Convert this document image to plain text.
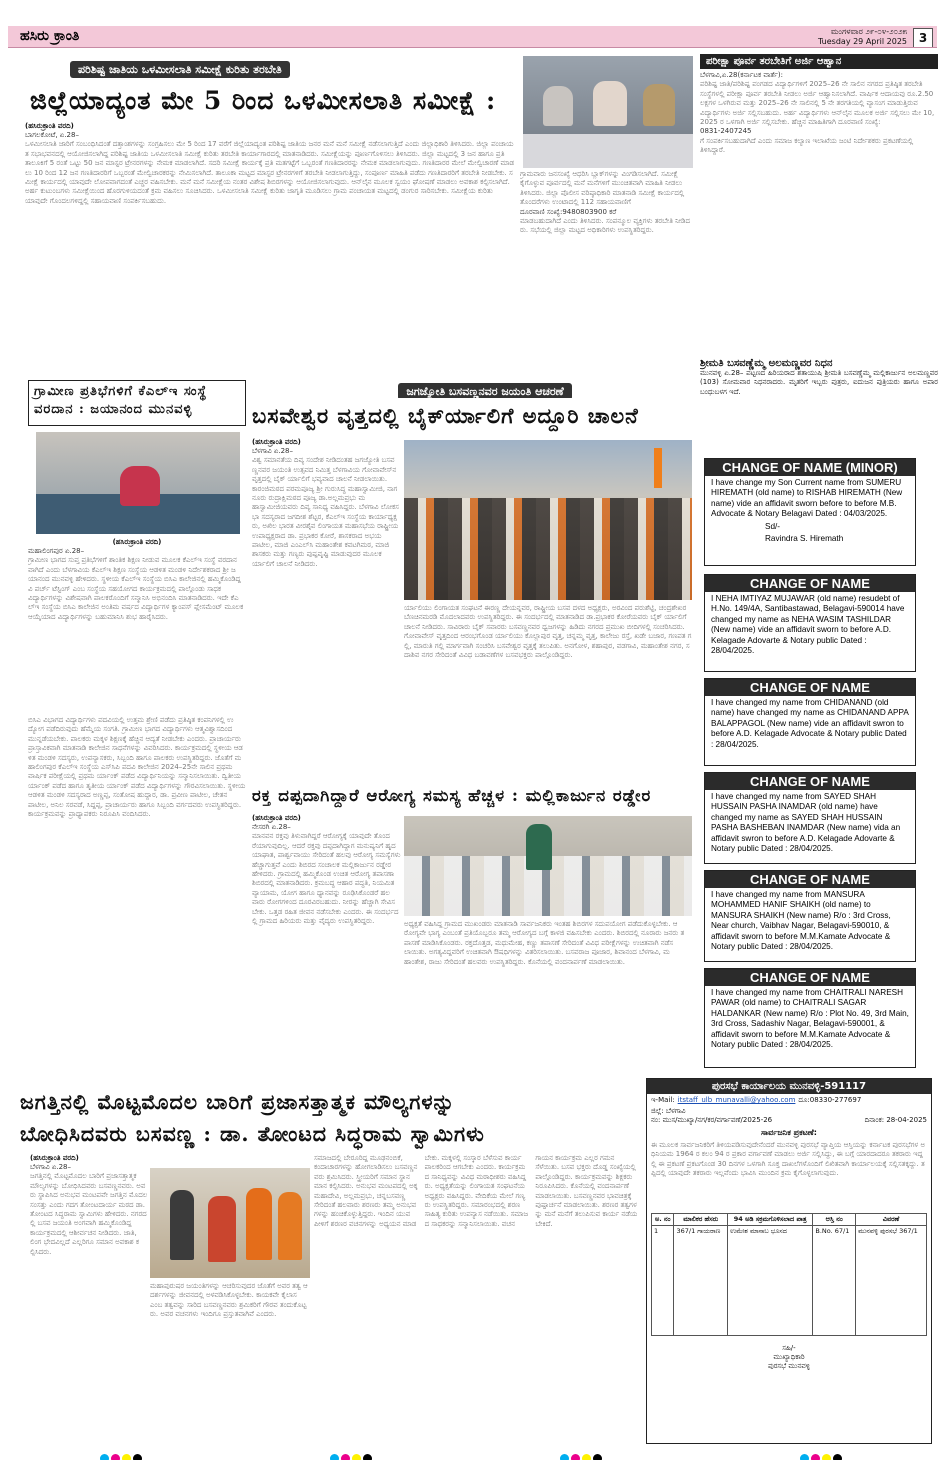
ಹಸಿರು ಕ್ರಾಂತಿ	ಮಂಗಳವಾರ ೨೯-೦೪-೨೦೨೫
Tuesday 29 April 2025 3
ಪರಿಶಿಷ್ಟ ಜಾತಿಯ ಒಳಮೀಸಲಾತಿ ಸಮೀಕ್ಷೆ ಕುರಿತು ತರಬೇತಿ
ಜಿಲ್ಲೆಯಾದ್ಯಂತ ಮೇ 5 ರಿಂದ ಒಳಮೀಸಲಾತಿ ಸಮೀಕ್ಷೆ :
(ಹಸಿರುಕ್ರಾಂತಿ ವರದಿ)
ಬಾಗಲಕೋಟೆ, ಏ.28–
ಒಳಮೀಸಲಾತಿ ಜಾರಿಗೆ ಸಂಬಂಧಿಸಿದಂತೆ ದತ್ತಾಂಶಗಳನ್ನು ಸಂಗ್ರಹಿಸಲು ಮೇ 5 ರಿಂದ 17 ವರೆಗೆ ಜಿಲ್ಲೆಯಾದ್ಯಂತ ಪರಿಶಿಷ್ಟ ಜಾತಿಯ ಜನರ ಮನೆ ಮನೆ ಸಮೀಕ್ಷೆ ನಡೆಸಲಾಗುತ್ತಿದೆ ಎಂದು ಜಿಲ್ಲಾಧಿಕಾರಿ ತಿಳಿಸಿದರು. ಜಿಲ್ಲಾ ಪಂಚಾಯತ ಸಭಾಭವನದಲ್ಲಿ ಆಯೋಜಿಸಲಾಗಿದ್ದ ಪರಿಶಿಷ್ಟ ಜಾತಿಯ ಒಳಮೀಸಲಾತಿ ಸಮೀಕ್ಷೆ ಕುರಿತು ತರಬೇತಿ ಕಾರ್ಯಾಗಾರದಲ್ಲಿ ಮಾತನಾಡಿದರು. ಸಮೀಕ್ಷೆಯನ್ನು ಪೂರ್ಣಗೊಳಿಸಲು ತಿಳಿಸಿದರು. ಜಿಲ್ಲಾ ಮಟ್ಟದಲ್ಲಿ 3 ಜನ ಹಾಗೂ ಪ್ರತಿ ತಾಲೂಕಿಗೆ 5 ರಂತೆ ಒಟ್ಟು 50 ಜನ ಮಾಸ್ಟರ ಟ್ರೇನರಗಳನ್ನು ನೇಮಕ ಮಾಡಲಾಗಿದೆ. ಸದರಿ ಸಮೀಕ್ಷೆ ಕಾರ್ಯಕ್ಕೆ ಪ್ರತಿ ಮತಗಟ್ಟೆಗೆ ಒಬ್ಬರಂತೆ ಗಣತಿದಾರರನ್ನು ನೇಮಕ ಮಾಡಲಾಗುವುದು. ಗಣತಿದಾರರ ಮೇಲೆ ಮೇಲ್ವಿಚಾರಣೆ ಮಾಡಲು 10 ರಿಂದ 12 ಜನ ಗಣತಿದಾರರಿಗೆ ಒಬ್ಬರಂತೆ ಮೇಲ್ವಿಚಾರಕರನ್ನು ನೇಮಿಸಲಾಗಿದೆ. ತಾಲೂಕಾ ಮಟ್ಟದ ಮಾಸ್ಟರ ಟ್ರೇನರಗಳಿಗೆ ತರಬೇತಿ ನೀಡಲಾಗುತ್ತಿದ್ದು, ಸಂಪೂರ್ಣ ಮಾಹಿತಿ ಪಡೆದು ಗಣತಿದಾರರಿಗೆ ತರಬೇತಿ ನೀಡಬೇಕು. ಸಮೀಕ್ಷೆ ಕಾರ್ಯದಲ್ಲಿ ಯಾವುದೇ ಲೋಪವಾಗದಂತೆ ಎಚ್ಚರ ವಹಿಸಬೇಕು. ಮನೆ ಮನೆ ಸಮೀಕ್ಷೆಯ ನಂತರ ವಿಶೇಷ ಶಿಬಿರಗಳನ್ನು ಆಯೋಜಿಸಲಾಗುವುದು. ಆನ್‌ಲೈನ ಮೂಲಕ ಸ್ವಯಂ ಘೋಷಣೆ ಮಾಡಲು ಅವಕಾಶ ಕಲ್ಪಿಸಲಾಗಿದೆ. ಅರ್ಹ ಕುಟುಂಬಗಳು ಸಮೀಕ್ಷೆಯಿಂದ ಹೊರಗುಳಿಯದಂತೆ ಕ್ರಮ ವಹಿಸಲು ಸೂಚಿಸಿದರು. ಒಳಮೀಸಲಾತಿ ಸಮೀಕ್ಷೆ ಕುರಿತು ಜಾಗೃತಿ ಮೂಡಿಸಲು ಗ್ರಾಮ ಪಂಚಾಯತ ಮಟ್ಟದಲ್ಲಿ ಡಂಗುರ ಸಾರಿಸಬೇಕು. ಸಮೀಕ್ಷೆಯ ಕುರಿತು ಯಾವುದೇ ಗೊಂದಲಗಳಿದ್ದಲ್ಲಿ ಸಹಾಯವಾಣಿ ಸಂಪರ್ಕಿಸಬಹುದು.
ಗ್ರಾಮವಾರು ಜನಸಂಖ್ಯೆ ಆಧರಿಸಿ ಬ್ಲಾಕ್‌ಗಳನ್ನು ವಿಂಗಡಿಸಲಾಗಿದೆ. ಸಮೀಕ್ಷೆ ಕೈಗೊಳ್ಳುವ ಪೂರ್ವದಲ್ಲಿ ಮನೆ ಮನೆಗಳಿಗೆ ಮುಂಚಿತವಾಗಿ ಮಾಹಿತಿ ನೀಡಲು ತಿಳಿಸಿದರು. ಜಿಲ್ಲಾ ಪೊಲೀಸ ವರಿಷ್ಠಾಧಿಕಾರಿ ಮಾತನಾಡಿ ಸಮೀಕ್ಷೆ ಕಾರ್ಯದಲ್ಲಿ ತೊಂದರೆಗಳು ಉಂಟಾದಲ್ಲಿ 112 ಸಹಾಯವಾಣಿಗೆ
ದೂರವಾಣಿ ಸಂಖ್ಯೆ:9480803900 ಕರೆ
ಮಾಡಬಹುದಾಗಿದೆ ಎಂದು ತಿಳಿಸಿದರು. ಸಂಪನ್ಮೂಲ ವ್ಯಕ್ತಿಗಳು ತರಬೇತಿ ನೀಡಿದರು. ಸಭೆಯಲ್ಲಿ ಜಿಲ್ಲಾ ಮಟ್ಟದ ಅಧಿಕಾರಿಗಳು ಉಪಸ್ಥಿತರಿದ್ದರು.
ಪರೀಕ್ಷಾ ಪೂರ್ವ ತರಬೇತಿಗೆ ಅರ್ಜಿ ಆಹ್ವಾನ
ಬೆಳಗಾವಿ,ಏ.28(ಕರ್ನಾಟಕ ವಾರ್ತೆ):
ಪರಿಶಿಷ್ಟ ಜಾತಿ/ಪರಿಶಿಷ್ಟ ಪಂಗಡದ ವಿದ್ಯಾರ್ಥಿಗಳಿಗೆ 2025–26 ನೇ ಸಾಲಿನ ನಗರದ ಪ್ರತಿಷ್ಠಿತ ತರಬೇತಿ ಸಂಸ್ಥೆಗಳಲ್ಲಿ ಪರೀಕ್ಷಾ ಪೂರ್ವ ತರಬೇತಿ ನೀಡಲು ಅರ್ಜಿ ಆಹ್ವಾನಿಸಲಾಗಿದೆ. ವಾರ್ಷಿಕ ಆದಾಯವು ರೂ.2.50 ಲಕ್ಷಗಳ ಒಳಗಿರುವ ಮತ್ತು 2025–26 ನೇ ಸಾಲಿನಲ್ಲಿ 5 ನೇ ತರಗತಿಯಲ್ಲಿ ವ್ಯಾಸಂಗ ಮಾಡುತ್ತಿರುವ ವಿದ್ಯಾರ್ಥಿಗಳು ಅರ್ಜಿ ಸಲ್ಲಿಸಬಹುದು. ಅರ್ಹ ವಿದ್ಯಾರ್ಥಿಗಳು ಆನ್‌ಲೈನ ಮೂಲಕ ಅರ್ಜಿ ಸಲ್ಲಿಸಲು ಮೇ 10, 2025 ರ ಒಳಗಾಗಿ ಅರ್ಜಿ ಸಲ್ಲಿಸಬೇಕು. ಹೆಚ್ಚಿನ ಮಾಹಿತಿಗಾಗಿ ದೂರವಾಣಿ ಸಂಖ್ಯೆ:
0831-2407245
ಗೆ ಸಂಪರ್ಕಿಸಬಹುದಾಗಿದೆ ಎಂದು ಸಮಾಜ ಕಲ್ಯಾಣ ಇಲಾಖೆಯ ಜಂಟಿ ನಿರ್ದೇಶಕರು ಪ್ರಕಟಣೆಯಲ್ಲಿ ತಿಳಿಸಿದ್ದಾರೆ.
ಶ್ರೀಮತಿ ಬಸವಣ್ಣೆಮ್ಮ ಅಲಮಣ್ಣವರ ನಿಧನ
ಮುನವಳ್ಳಿ ಏ.28– ಪಟ್ಟಣದ ಹಿರಿಯರಾದ ಶತಾಯುಷಿ ಶ್ರೀಮತಿ ಬಸವಣ್ಣೆಮ್ಮ ಮಲ್ಲಿಕಾರ್ಜುನ ಅಲಮಣ್ಣವರ (103) ಸೋಮವಾರ ನಿಧನರಾದರು. ಮೃತರಿಗೆ ಇಬ್ಬರು ಪುತ್ರರು, ಐದುಜನ ಪುತ್ರಿಯರು ಹಾಗೂ ಅಪಾರ ಬಂಧುಬಳಗ ಇದೆ.
ಗ್ರಾಮೀಣ ಪ್ರತಿಭೆಗಳಿಗೆ ಕೆಎಲ್ಇ ಸಂಸ್ಥೆ
ವರದಾನ : ಜಯಾನಂದ ಮುನವಳ್ಳಿ
(ಹಸಿರುಕ್ರಾಂತಿ ವರದಿ)
ಮಹಾಲಿಂಗಪುರ ಏ.28–
ಗ್ರಾಮೀಣ ಭಾಗದ ಸುಪ್ತ ಪ್ರತಿಭೆಗಳಿಗೆ ಶಾಂತಿಕ ಶಿಕ್ಷಣ ನೀಡುವ ಮೂಲಕ ಕೆಎಲ್ಇ ಸಂಸ್ಥೆ ವರದಾನವಾಗಿದೆ ಎಂದು ಬೆಳಗಾವಿಯ ಕೆಎಲ್ಇ ಶಿಕ್ಷಣ ಸಂಸ್ಥೆಯ ಆಡಳಿತ ಮಂಡಳಿ ನಿರ್ದೇಶಕರಾದ ಶ್ರೀ ಜಯಾನಂದ ಮುನವಳ್ಳಿ ಹೇಳಿದರು. ಸ್ಥಳೀಯ ಕೆಎಲ್ಇ ಸಂಸ್ಥೆಯ ಬಿಸಿಎ ಕಾಲೇಜಿನಲ್ಲಿ ಹಮ್ಮಿಕೊಂಡಿದ್ದ ವಿ ಪರ್ಚ್ ಟೆಸ್ಟಿಂಗ್ ಎಂಬ ಸಂಸ್ಥೆಯ ಸಹಯೋಗದ ಕಾರ್ಯಕ್ರಮದಲ್ಲಿ ಪಾಲ್ಗೊಂಡು ಸಾಧಕ ವಿದ್ಯಾರ್ಥಿಗಳನ್ನು ವಿಶೇಷವಾಗಿ ಪಾಲಕರೊಂದಿಗೆ ಸನ್ಮಾನಿಸಿ ಅಭಿನಂದಿಸಿ ಮಾತನಾಡಿದರು. ಇದೇ ಕೆಎಲ್ಇ ಸಂಸ್ಥೆಯ ಬಿಸಿಎ ಕಾಲೇಜಿನ ಅಂತಿಮ ವರ್ಷದ ವಿದ್ಯಾರ್ಥಿಗಳ ಕ್ಯಾಂಪಸ್ ಪ್ಲೇಸಮೆಂಟ್ ಮೂಲಕ ಆಯ್ಕೆಯಾದ ವಿದ್ಯಾರ್ಥಿಗಳನ್ನು ಬಹುಮಾನಿಸಿ ಶುಭ ಹಾರೈಸಿದರು.
ಬಿಸಿಎ ವಿಭಾಗದ ವಿದ್ಯಾರ್ಥಿಗಳು ಪದವಿಯಲ್ಲಿ ಉತ್ತಮ ಶ್ರೇಣಿ ಪಡೆದು ಪ್ರತಿಷ್ಠಿತ ಕಂಪನಿಗಳಲ್ಲಿ ಉದ್ಯೋಗ ಪಡೆದಿರುವುದು ಹೆಮ್ಮೆಯ ಸಂಗತಿ. ಗ್ರಾಮೀಣ ಭಾಗದ ವಿದ್ಯಾರ್ಥಿಗಳು ಆತ್ಮವಿಶ್ವಾಸದಿಂದ ಮುನ್ನಡೆಯಬೇಕು. ಪಾಲಕರು ಮಕ್ಕಳ ಶಿಕ್ಷಣಕ್ಕೆ ಹೆಚ್ಚಿನ ಆದ್ಯತೆ ನೀಡಬೇಕು ಎಂದರು. ಪ್ರಾಚಾರ್ಯರು ಪ್ರಾಸ್ತಾವಿಕವಾಗಿ ಮಾತನಾಡಿ ಕಾಲೇಜಿನ ಸಾಧನೆಗಳನ್ನು ವಿವರಿಸಿದರು. ಕಾರ್ಯಕ್ರಮದಲ್ಲಿ ಸ್ಥಳೀಯ ಆಡಳಿತ ಮಂಡಳಿ ಸದಸ್ಯರು, ಉಪನ್ಯಾಸಕರು, ಸಿಬ್ಬಂದಿ ಹಾಗೂ ಪಾಲಕರು ಉಪಸ್ಥಿತರಿದ್ದರು. ಜೊತೆಗೆ ಮಹಾಲಿಂಗಪುರ ಕೆಎಲ್ಇ ಸಂಸ್ಥೆಯ ಎಸ್‌ಸಿಪಿ ಪದವಿ ಕಾಲೇಜಿನ 2024–25ನೇ ಸಾಲಿನ ಪ್ರಥಮ ವಾರ್ಷಿಕ ಪರೀಕ್ಷೆಯಲ್ಲಿ ಪ್ರಥಮ ರ್ಯಾಂಕ್ ಪಡೆದ ವಿದ್ಯಾರ್ಥಿನಿಯನ್ನು ಸನ್ಮಾನಿಸಲಾಯಿತು. ದ್ವಿತೀಯ ರ್ಯಾಂಕ್ ಪಡೆದ ಹಾಗೂ ತೃತೀಯ ರ್ಯಾಂಕ್ ಪಡೆದ ವಿದ್ಯಾರ್ಥಿಗಳನ್ನು ಗೌರವಿಸಲಾಯಿತು. ಸ್ಥಳೀಯ ಆಡಳಿತ ಮಂಡಳಿ ಸದಸ್ಯರಾದ ಅಣ್ಣಪ್ಪ, ಸಂತೋಷ ಹುದ್ದಾರ, ಡಾ. ಪ್ರವೀಣ ಪಾಟೀಲ, ಚೇತನ ಪಾಟೀಲ, ಅನಿಲ ಸರವಡೆ, ಸಿದ್ದಪ್ಪ, ಪ್ರಾಚಾರ್ಯರು ಹಾಗೂ ಸಿಬ್ಬಂದಿ ವರ್ಗದವರು ಉಪಸ್ಥಿತರಿದ್ದರು. ಕಾರ್ಯಕ್ರಮವನ್ನು ಪ್ರಾಧ್ಯಾಪಕರು ನಿರೂಪಿಸಿ ವಂದಿಸಿದರು.
ಜಗಜ್ಯೋತಿ ಬಸವಣ್ಣನವರ ಜಯಂತಿ ಆಚರಣೆ
ಬಸವೇಶ್ವರ ವೃತ್ತದಲ್ಲಿ ಬೈಕ್‌ರ್ಯಾಲಿಗೆ ಅದ್ದೂರಿ ಚಾಲನೆ
(ಹಸಿರುಕ್ರಾಂತಿ ವರದಿ)
ಬೆಳಗಾವಿ ಏ.28–
ವಿಶ್ವ ಸಮಾನತೆಯ ದಿವ್ಯ ಸಂದೇಶ ನೀಡಿದಂತಹ ಜಗಜ್ಯೋತಿ ಬಸವಣ್ಣನವರ ಜಯಂತಿ ಉತ್ಸವದ ನಿಮಿತ್ತ ಬೆಳಗಾವಿಯ ಗೋವಾವೇಸ್‌ನ ವೃತ್ತದಲ್ಲಿ ಬೈಕ್ ರ್ಯಾಲಿಗೆ ಭವ್ಯವಾದ ಚಾಲನೆ ನೀಡಲಾಯಿತು. ಕಾರಂಜಿಮಠದ ಪರಮಪೂಜ್ಯ ಶ್ರೀ ಗುರುಸಿದ್ಧ ಮಹಾಸ್ವಾಮೀಜಿ, ನಾಗನೂರು ರುದ್ರಾಕ್ಷಿಮಠದ ಪೂಜ್ಯ ಡಾ.ಅಲ್ಲಮಪ್ರಭು ಮಹಾಸ್ವಾಮೀಜಿಯವರು ದಿವ್ಯ ಸಾನಿಧ್ಯ ವಹಿಸಿದ್ದರು. ಬೆಳಗಾವಿ ಲೋಕಸಭಾ ಸದಸ್ಯರಾದ ಜಗದೀಶ ಶೆಟ್ಟರ, ಕೆಎಲ್ಇ ಸಂಸ್ಥೆಯ ಕಾರ್ಯಾಧ್ಯಕ್ಷರು, ಅಖಿಲ ಭಾರತ ವೀರಶೈವ ಲಿಂಗಾಯತ ಮಹಾಸಭೆಯ ರಾಷ್ಟ್ರೀಯ ಉಪಾಧ್ಯಕ್ಷರಾದ ಡಾ. ಪ್ರಭಾಕರ ಕೋರೆ, ಶಾಸಕರಾದ ಅಭಯ ಪಾಟೀಲ, ಮಾಜಿ ಎಂಎಲ್‌ಸಿ ಮಹಾಂತೇಶ ಕವಟಗಿಮಠ, ಮಾಜಿ ಶಾಸಕರು ಮತ್ತು ಗಣ್ಯರು ಪುಷ್ಪವೃಷ್ಟಿ ಮಾಡುವುದರ ಮೂಲಕ ರ್ಯಾಲಿಗೆ ಚಾಲನೆ ನೀಡಿದರು.
ರ್ಯಾಲಿಯು ಲಿಂಗಾಯತ ಸಂಘಟನೆ ಈರಣ್ಣ ದೇಯನ್ನವರ, ರಾಷ್ಟ್ರೀಯ ಬಸವ ದಳದ ಅಧ್ಯಕ್ಷರು, ಅರವಿಂದ ಪರುಶೆಟ್ಟಿ, ಚಂದ್ರಶೇಖರ ಬೆಣಚಿನಮರಡಿ ಮೊದಲಾದವರು ಉಪಸ್ಥಿತರಿದ್ದರು. ಈ ಸಂದರ್ಭದಲ್ಲಿ ಮಾತನಾಡಿದ ಡಾ.ಪ್ರಭಾಕರ ಕೋರೆಯವರು ಬೈಕ್ ರ್ಯಾಲಿಗೆ ಚಾಲನೆ ನೀಡಿದರು. ಸಾವಿರಾರು ಬೈಕ್ ಸವಾರರು ಬಸವಣ್ಣನವರ ಧ್ವಜಗಳನ್ನು ಹಿಡಿದು ನಗರದ ಪ್ರಮುಖ ಬೀದಿಗಳಲ್ಲಿ ಸಂಚರಿಸಿದರು. ಗೋವಾವೇಸ್ ವೃತ್ತದಿಂದ ಆರಂಭಗೊಂಡ ರ್ಯಾಲಿಯು ಕೊಲ್ಲಾಪುರ ವೃತ್ತ, ಚನ್ನಮ್ಮ ವೃತ್ತ, ಕಾಲೇಜು ರಸ್ತೆ, ಖಡೇ ಬಜಾರ, ಗಣಪತ ಗಲ್ಲಿ, ಮಾರುತಿ ಗಲ್ಲಿ ಮಾರ್ಗವಾಗಿ ಸಂಚರಿಸಿ ಬಸವೇಶ್ವರ ವೃತ್ತಕ್ಕೆ ತಲುಪಿತು. ಅನಗೋಳ, ಶಹಾಪುರ, ವಡಗಾವಿ, ಮಹಾಂತೇಶ ನಗರ, ಸದಾಶಿವ ನಗರ ಸೇರಿದಂತೆ ವಿವಿಧ ಬಡಾವಣೆಗಳ ಬಸವಭಕ್ತರು ಪಾಲ್ಗೊಂಡಿದ್ದರು.
ರಕ್ತ ದಪ್ಪದಾಗಿದ್ದಾರೆ ಆರೋಗ್ಯ ಸಮಸ್ಯ ಹೆಚ್ಚಳ : ಮಲ್ಲಿಕಾರ್ಜುನ ರಡ್ಡೇರ
(ಹಸಿರುಕ್ರಾಂತಿ ವರದಿ)
ನೇಸರಗಿ ಏ.28–
ಮಾನವನ ರಕ್ತವು ತಿಳುವಾಗಿದ್ದರೆ ಆರೋಗ್ಯಕ್ಕೆ ಯಾವುದೇ ತೊಂದರೆಯಾಗುವುದಿಲ್ಲ. ಆದರೆ ರಕ್ತವು ದಪ್ಪದಾಗಿದ್ದಾಗ ಮನುಷ್ಯನಿಗೆ ಹೃದಯಾಘಾತ, ಪಾರ್ಶ್ವವಾಯು ಸೇರಿದಂತೆ ಹಲವು ಆರೋಗ್ಯ ಸಮಸ್ಯೆಗಳು ಹೆಚ್ಚಾಗುತ್ತವೆ ಎಂದು ಶಿಬಿರದ ಸಂಚಾಲಕ ಮಲ್ಲಿಕಾರ್ಜುನ ರಡ್ಡೇರ ಹೇಳಿದರು. ಗ್ರಾಮದಲ್ಲಿ ಹಮ್ಮಿಕೊಂಡ ಉಚಿತ ಆರೋಗ್ಯ ತಪಾಸಣಾ ಶಿಬಿರದಲ್ಲಿ ಮಾತನಾಡಿದರು. ಕ್ರಮಬದ್ಧ ಆಹಾರ ಪದ್ಧತಿ, ನಿಯಮಿತ ವ್ಯಾಯಾಮ, ಯೋಗ ಹಾಗೂ ಧ್ಯಾನವನ್ನು ರೂಢಿಸಿಕೊಂಡರೆ ಹಲವಾರು ರೋಗಗಳಿಂದ ದೂರವಿರಬಹುದು. ನೀರನ್ನು ಹೆಚ್ಚಾಗಿ ಸೇವಿಸಬೇಕು. ಒತ್ತಡ ರಹಿತ ಜೀವನ ನಡೆಸಬೇಕು ಎಂದರು. ಈ ಸಂದರ್ಭದಲ್ಲಿ ಗ್ರಾಮದ ಹಿರಿಯರು ಮತ್ತು ವೈದ್ಯರು ಉಪಸ್ಥಿತರಿದ್ದರು.	ಅಧ್ಯಕ್ಷತೆ ವಹಿಸಿದ್ದ ಗ್ರಾಮದ ಮುಖಂಡರು ಮಾತನಾಡಿ ಸಾರ್ವಜನಿಕರು ಇಂತಹ ಶಿಬಿರಗಳ ಸದುಪಯೋಗ ಪಡೆದುಕೊಳ್ಳಬೇಕು. ಆರೋಗ್ಯವೇ ಭಾಗ್ಯ ಎಂಬಂತೆ ಪ್ರತಿಯೊಬ್ಬರೂ ತಮ್ಮ ಆರೋಗ್ಯದ ಬಗ್ಗೆ ಕಾಳಜಿ ವಹಿಸಬೇಕು ಎಂದರು. ಶಿಬಿರದಲ್ಲಿ ನೂರಾರು ಜನರು ತಪಾಸಣೆ ಮಾಡಿಸಿಕೊಂಡರು. ರಕ್ತದೊತ್ತಡ, ಮಧುಮೇಹ, ಕಣ್ಣು ತಪಾಸಣೆ ಸೇರಿದಂತೆ ವಿವಿಧ ಪರೀಕ್ಷೆಗಳನ್ನು ಉಚಿತವಾಗಿ ನಡೆಸಲಾಯಿತು. ಅಗತ್ಯವಿದ್ದವರಿಗೆ ಉಚಿತವಾಗಿ ಔಷಧಿಗಳನ್ನು ವಿತರಿಸಲಾಯಿತು. ಬಸವರಾಜ ಪೂಜಾರ, ಶಿವಾನಂದ ಬೆಳಗಾವಿ, ಮಹಾಂತೇಶ, ರಾಜು ಸೇರಿದಂತೆ ಹಲವರು ಉಪಸ್ಥಿತರಿದ್ದರು. ಕೊನೆಯಲ್ಲಿ ವಂದನಾರ್ಪಣೆ ಮಾಡಲಾಯಿತು.
CHANGE OF NAME (MINOR)
I have change my Son Current name from SUMERU HIREMATH (old name) to RISHAB HIREMATH (New name) vide an affidavit sworn before to before M.B. Advocate & Notary Belagavi Dated : 04/03/2025.
Sd/-
Ravindra S. Hiremath
CHANGE OF NAME
I NEHA IMTIYAZ MUJAWAR (old name) resudebt of H.No. 149/4A, Santibastawad, Belagavi-590014 have changed my name as NEHA WASIM TASHILDAR (New name) vide an affidavit sworn to before A.D. Kelagade Adovarte & Notary public Dated : 28/04/2025.
CHANGE OF NAME
I have changed my name from CHIDANAND (old name) have changed my name as CHIDANAND APPA BALAPPAGOL (New name) vide an affidavit swron to before A.D. Kelagade Advocate & Notary public Dated : 28/04/2025.
CHANGE OF NAME
I have changed my name from SAYED SHAH HUSSAIN PASHA INAMDAR (old name) have changed my name as SAYED SHAH HUSSAIN PASHA BASHEBAN INAMDAR (New name) vida an affidavit swron to before A.D. Kelagade Adovarte & Notary public Dated : 28/04/2025.
CHANGE OF NAME
I have changed my name from MANSURA MOHAMMED HANIF SHAIKH (old name) to MANSURA SHAIKH (New name) R/o : 3rd Cross, Near church, Vaibhav Nagar, Belagavi-590010, & affidavit sworn to before M.M.Kamate Advocate & Notary public Dated : 28/04/2025.
CHANGE OF NAME
I have changed my name from CHAITRALI NARESH PAWAR (old name) to CHAITRALI SAGAR HALDANKAR (New name) R/o : Plot No. 49, 3rd Main, 3rd Cross, Sadashiv Nagar, Belagavi-590001, & affidavit sworn to before M.M.Kamate Advocate & Notary public Dated : 28/04/2025.
ಜಗತ್ತಿನಲ್ಲಿ ಮೊಟ್ಟಮೊದಲ ಬಾರಿಗೆ ಪ್ರಜಾಸತ್ತಾತ್ಮಕ ಮೌಲ್ಯಗಳನ್ನು
ಬೋಧಿಸಿದವರು ಬಸವಣ್ಣ : ಡಾ. ತೋಂಟದ ಸಿದ್ಧರಾಮ ಸ್ವಾಮಿಗಳು
(ಹಸಿರುಕ್ರಾಂತಿ ವರದಿ)
ಬೆಳಗಾವಿ ಏ.28–
ಜಗತ್ತಿನಲ್ಲಿ ಮೊಟ್ಟಮೊದಲ ಬಾರಿಗೆ ಪ್ರಜಾಸತ್ತಾತ್ಮಕ ಮೌಲ್ಯಗಳನ್ನು ಬೋಧಿಸಿದವರು ಬಸವಣ್ಣನವರು. ಅವರು ಸ್ಥಾಪಿಸಿದ ಅನುಭವ ಮಂಟಪವೇ ಜಗತ್ತಿನ ಮೊದಲ ಸಂಸತ್ತು ಎಂದು ಗದಗ ತೋಂಟದಾರ್ಯ ಮಠದ ಡಾ. ತೋಂಟದ ಸಿದ್ಧರಾಮ ಸ್ವಾಮಿಗಳು ಹೇಳಿದರು. ನಗರದಲ್ಲಿ ಬಸವ ಜಯಂತಿ ಅಂಗವಾಗಿ ಹಮ್ಮಿಕೊಂಡಿದ್ದ ಕಾರ್ಯಕ್ರಮದಲ್ಲಿ ಆಶೀರ್ವಚನ ನೀಡಿದರು. ಜಾತಿ, ಲಿಂಗ ಭೇದವಿಲ್ಲದೆ ಎಲ್ಲರಿಗೂ ಸಮಾನ ಅವಕಾಶ ಕಲ್ಪಿಸಿದರು.
ಮಹಾಪುರುಷರ ಜಯಂತಿಗಳನ್ನು ಆಚರಿಸುವುದರ ಜೊತೆಗೆ ಅವರ ತತ್ವ ಆದರ್ಶಗಳನ್ನು ಜೀವನದಲ್ಲಿ ಅಳವಡಿಸಿಕೊಳ್ಳಬೇಕು. ಕಾಯಕವೇ ಕೈಲಾಸ ಎಂಬ ತತ್ವವನ್ನು ಸಾರಿದ ಬಸವಣ್ಣನವರು ಶ್ರಮಿಕರಿಗೆ ಗೌರವ ತಂದುಕೊಟ್ಟರು. ಅವರ ವಚನಗಳು ಇಂದಿಗೂ ಪ್ರಸ್ತುತವಾಗಿವೆ ಎಂದರು.
ಸಮಾಜದಲ್ಲಿ ಬೇರೂರಿದ್ದ ಮೂಢನಂಬಿಕೆ, ಕಂದಾಚಾರಗಳನ್ನು ಹೋಗಲಾಡಿಸಲು ಬಸವಣ್ಣನವರು ಶ್ರಮಿಸಿದರು. ಸ್ತ್ರೀಯರಿಗೆ ಸಮಾನ ಸ್ಥಾನಮಾನ ಕಲ್ಪಿಸಿದರು. ಅನುಭವ ಮಂಟಪದಲ್ಲಿ ಅಕ್ಕಮಹಾದೇವಿ, ಅಲ್ಲಮಪ್ರಭು, ಚನ್ನಬಸವಣ್ಣ ಸೇರಿದಂತೆ ಹಲವಾರು ಶರಣರು ತಮ್ಮ ಅನುಭವಗಳನ್ನು ಹಂಚಿಕೊಳ್ಳುತ್ತಿದ್ದರು. ಇಂದಿನ ಯುವ ಪೀಳಿಗೆ ಶರಣರ ವಚನಗಳನ್ನು ಅಧ್ಯಯನ ಮಾಡಬೇಕು. ಮಕ್ಕಳಲ್ಲಿ ಸಂಸ್ಕಾರ ಬೆಳೆಸುವ ಕಾರ್ಯ ಪಾಲಕರಿಂದ ಆಗಬೇಕು ಎಂದರು. ಕಾರ್ಯಕ್ರಮದ ಸಾನಿಧ್ಯವನ್ನು ವಿವಿಧ ಮಠಾಧೀಶರು ವಹಿಸಿದ್ದರು. ಅಧ್ಯಕ್ಷತೆಯನ್ನು ಲಿಂಗಾಯತ ಸಂಘಟನೆಯ ಅಧ್ಯಕ್ಷರು ವಹಿಸಿದ್ದರು. ವೇದಿಕೆಯ ಮೇಲೆ ಗಣ್ಯರು ಉಪಸ್ಥಿತರಿದ್ದರು. ಸಮಾರಂಭದಲ್ಲಿ ಶರಣ ಸಾಹಿತ್ಯ ಕುರಿತು ಉಪನ್ಯಾಸ ನಡೆಯಿತು. ಸಮಾಜದ ಸಾಧಕರನ್ನು ಸನ್ಮಾನಿಸಲಾಯಿತು. ವಚನ ಗಾಯನ ಕಾರ್ಯಕ್ರಮ ಎಲ್ಲರ ಗಮನ ಸೆಳೆಯಿತು. ಬಸವ ಭಕ್ತರು ದೊಡ್ಡ ಸಂಖ್ಯೆಯಲ್ಲಿ ಪಾಲ್ಗೊಂಡಿದ್ದರು. ಕಾರ್ಯಕ್ರಮವನ್ನು ಶಿಕ್ಷಕರು ನಿರೂಪಿಸಿದರು. ಕೊನೆಯಲ್ಲಿ ವಂದನಾರ್ಪಣೆ ಮಾಡಲಾಯಿತು. ಬಸವಣ್ಣನವರ ಭಾವಚಿತ್ರಕ್ಕೆ ಪುಷ್ಪಾರ್ಚನೆ ಮಾಡಲಾಯಿತು. ಶರಣರ ತತ್ವಗಳನ್ನು ಮನೆ ಮನೆಗೆ ತಲುಪಿಸುವ ಕಾರ್ಯ ನಡೆಯಬೇಕಿದೆ.
ಪುರಸಭೆ ಕಾರ್ಯಾಲಯ ಮುನವಳ್ಳಿ-591117
ಇ-Mail: itstaff_ulb_munavalli@yahoo.com ದೂ:08330-277697
ಜಿಲ್ಲೆ: ಬೆಳಗಾವಿ
ನಂ: ಮುಸ/ಮುಖ್ಯಾ/ನಗ/ಕರ/ವರ್ಗಾವಣೆ/2025-26	ದಿನಾಂಕ: 28-04-2025
ಸಾರ್ವಜನಿಕ ಪ್ರಕಟಣೆ:
ಈ ಮೂಲಕ ಸಾರ್ವಜನಿಕರಿಗೆ ತಿಳಿಯಪಡಿಸುವುದೇನೆಂದರೆ ಮುನವಳ್ಳಿ ಪುರಸಭೆ ವ್ಯಾಪ್ತಿಯ ಆಸ್ತಿಯನ್ನು ಕರ್ನಾಟಕ ಪುರಸಭೆಗಳ ಅಧಿನಿಯಮ 1964 ರ ಕಲಂ 94 ರ ಪ್ರಕಾರ ವರ್ಗಾವಣೆ ಮಾಡಲು ಅರ್ಜಿ ಸಲ್ಲಿಸಿದ್ದು, ಈ ಬಗ್ಗೆ ಯಾರದಾದರೂ ತಕರಾರು ಇದ್ದಲ್ಲಿ ಈ ಪ್ರಕಟಣೆ ಪ್ರಕಟಗೊಂಡ 30 ದಿನಗಳ ಒಳಗಾಗಿ ಸೂಕ್ತ ದಾಖಲೆಗಳೊಂದಿಗೆ ಲಿಖಿತವಾಗಿ ಕಾರ್ಯಾಲಯಕ್ಕೆ ಸಲ್ಲಿಸತಕ್ಕದ್ದು. ತಪ್ಪಿದಲ್ಲಿ ಯಾವುದೇ ತಕರಾರು ಇಲ್ಲವೆಂದು ಭಾವಿಸಿ ಮುಂದಿನ ಕ್ರಮ ಕೈಗೊಳ್ಳಲಾಗುವುದು.
ಅ. ನಂ	ಮಾಲಿಕರ ಹೆಸರು	94 ಅಡಿ ಸಕ್ರಮಗೊಳಿಸಲಾದ ಪಾತ್ರ	ಆಸ್ತಿ ನಂ	ವಿವರಣೆ
1	367/1 ಗಾಯರಾಣ	ಉಮೇಶ ಮಾಸಾಬ ಭೂಸದ	B.No. 67/1	ಮುನವಳ್ಳಿ ಪುರಸಭೆ 367/1
ಸಹಿ/-
ಮುಖ್ಯಾಧಿಕಾರಿ
ಪುರಸಭೆ ಮುನವಳ್ಳಿ
